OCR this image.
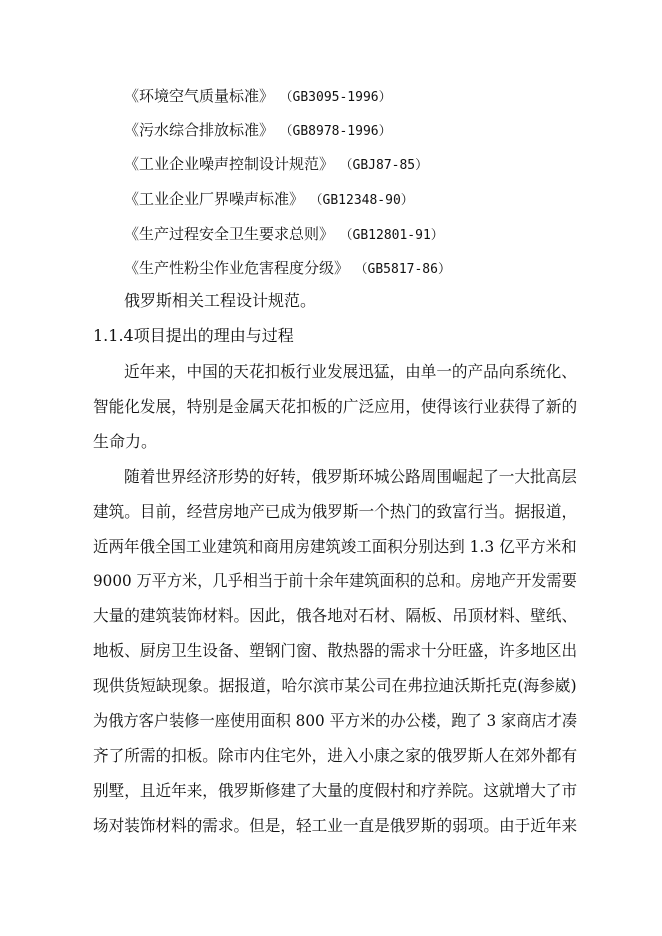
《环境空气质量标准》 （GB3095-1996）
《污水综合排放标准》 （GB8978-1996）
《工业企业噪声控制设计规范》 （GBJ87-85）
《工业企业厂界噪声标准》 （GB12348-90）
《生产过程安全卫生要求总则》 （GB12801-91）
《生产性粉尘作业危害程度分级》 （GB5817-86）
俄罗斯相关工程设计规范。
1.1.4项目提出的理由与过程
近年来，中国的天花扣板行业发展迅猛，由单一的产品向系统化、
智能化发展，特别是金属天花扣板的广泛应用，使得该行业获得了新的
生命力。
随着世界经济形势的好转，俄罗斯环城公路周围崛起了一大批高层
建筑。目前，经营房地产已成为俄罗斯一个热门的致富行当。据报道，
近两年俄全国工业建筑和商用房建筑竣工面积分别达到 1.3 亿平方米和
9000 万平方米，几乎相当于前十余年建筑面积的总和。房地产开发需要
大量的建筑装饰材料。因此，俄各地对石材、隔板、吊顶材料、壁纸、
地板、厨房卫生设备、塑钢门窗、散热器的需求十分旺盛，许多地区出
现供货短缺现象。据报道，哈尔滨市某公司在弗拉迪沃斯托克(海参崴)
为俄方客户装修一座使用面积 800 平方米的办公楼，跑了 3 家商店才凑
齐了所需的扣板。除市内住宅外，进入小康之家的俄罗斯人在郊外都有
别墅，且近年来，俄罗斯修建了大量的度假村和疗养院。这就增大了市
场对装饰材料的需求。但是，轻工业一直是俄罗斯的弱项。由于近年来
